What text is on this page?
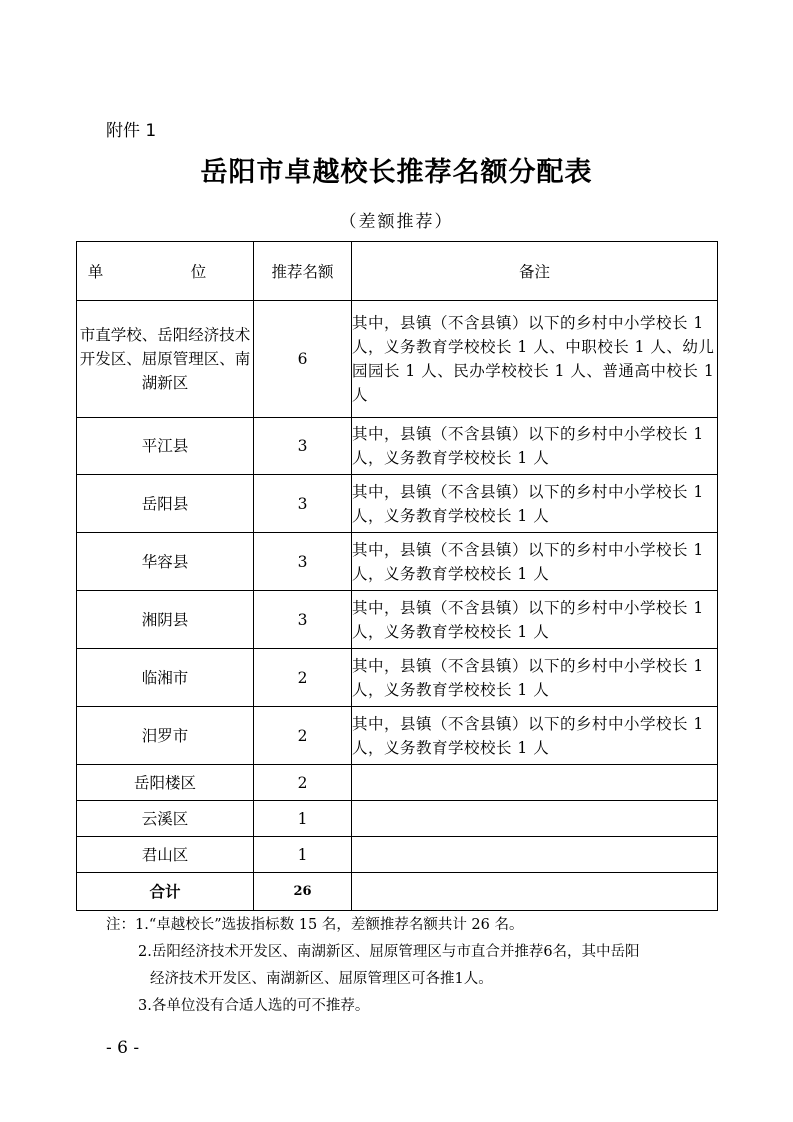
附件 1
岳阳市卓越校长推荐名额分配表
（差额推荐）
单　位	推荐名额	备注
市直学校、岳阳经济技术开发区、屈原管理区、南湖新区	6	其中，县镇（不含县镇）以下的乡村中小学校长 1 人，义务教育学校校长 1 人、中职校长 1 人、幼儿园园长 1 人、民办学校校长 1 人、普通高中校长 1 人
平江县	3	其中，县镇（不含县镇）以下的乡村中小学校长 1 人，义务教育学校校长 1 人
岳阳县	3	其中，县镇（不含县镇）以下的乡村中小学校长 1 人，义务教育学校校长 1 人
华容县	3	其中，县镇（不含县镇）以下的乡村中小学校长 1 人，义务教育学校校长 1 人
湘阴县	3	其中，县镇（不含县镇）以下的乡村中小学校长 1 人，义务教育学校校长 1 人
临湘市	2	其中，县镇（不含县镇）以下的乡村中小学校长 1 人，义务教育学校校长 1 人
汨罗市	2	其中，县镇（不含县镇）以下的乡村中小学校长 1 人，义务教育学校校长 1 人
岳阳楼区	2	
云溪区	1	
君山区	1	
合计	26	
注：1.“卓越校长”选拔指标数 15 名，差额推荐名额共计 26 名。
2.岳阳经济技术开发区、南湖新区、屈原管理区与市直合并推荐6名，其中岳阳
经济技术开发区、南湖新区、屈原管理区可各推1人。
3.各单位没有合适人选的可不推荐。
- 6 -
